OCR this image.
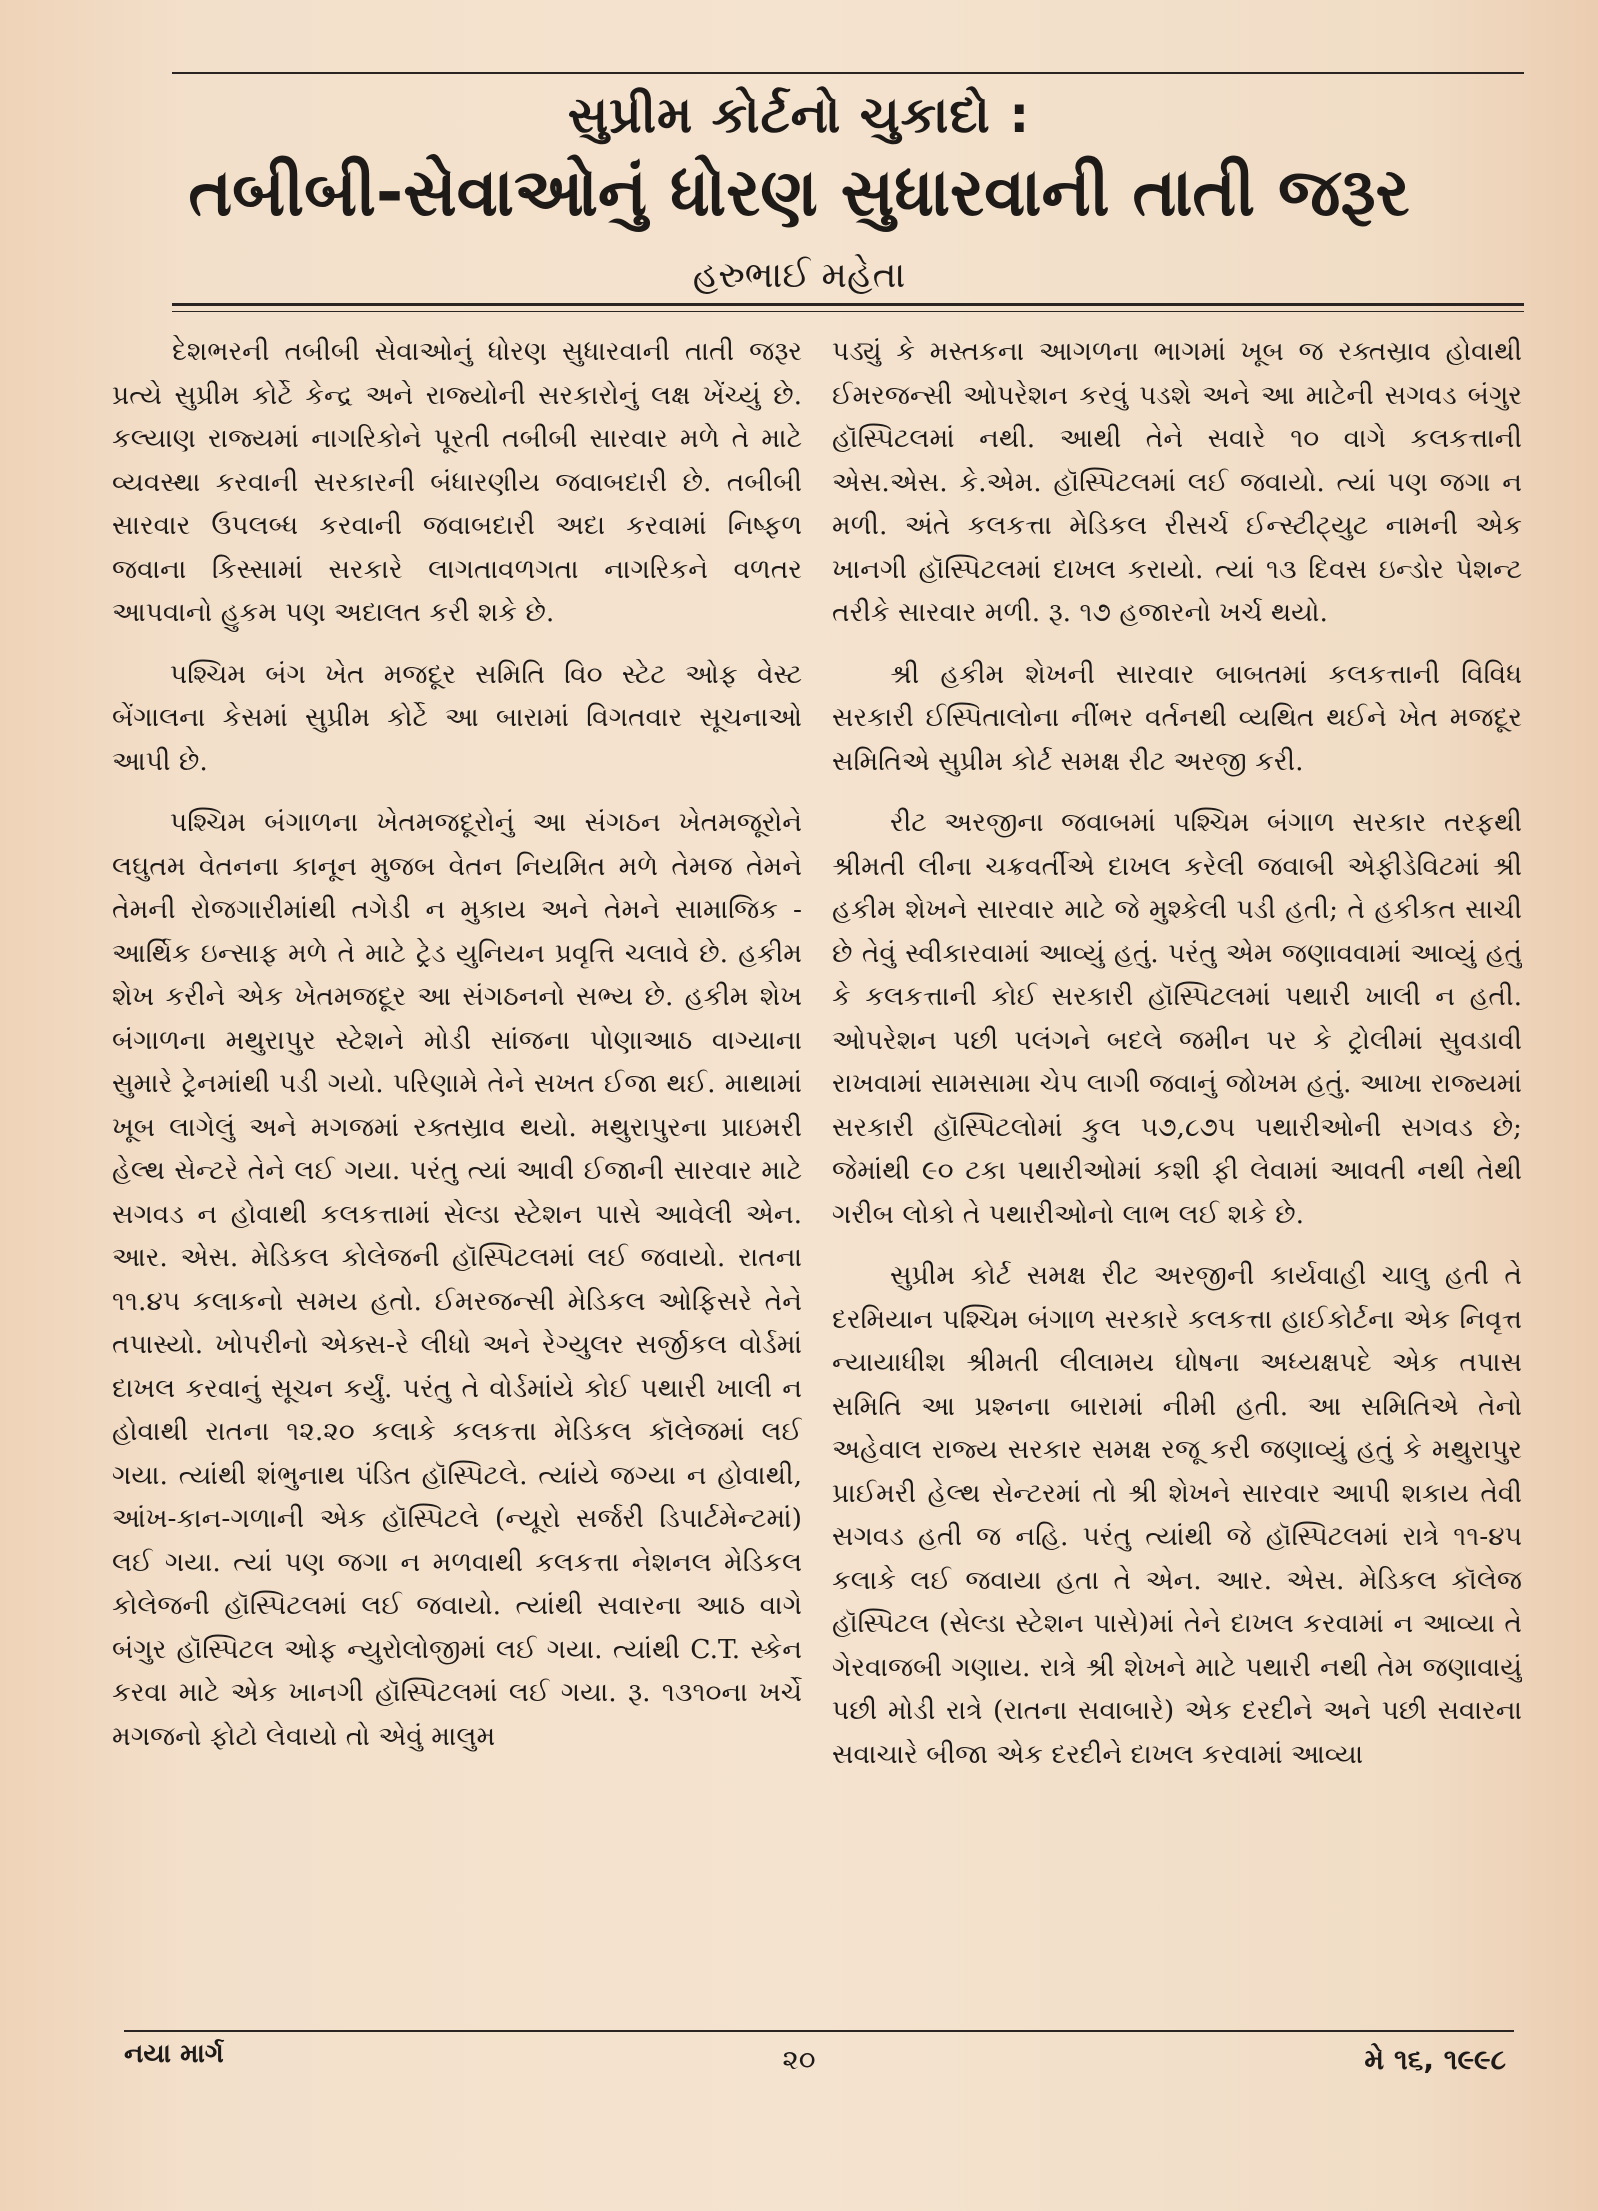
સુપ્રીમ કોર્ટનો ચુકાદો :
તબીબી-સેવાઓનું ધોરણ સુધારવાની તાતી જરૂર
હરુભાઈ મહેતા

દેશભરની તબીબી સેવાઓનું ધોરણ સુધારવાની તાતી જરૂર પ્રત્યે સુપ્રીમ કોર્ટે કેન્દ્ર અને રાજ્યોની સરકારોનું લક્ષ ખેંચ્યું છે. કલ્યાણ રાજ્યમાં નાગરિકોને પૂરતી તબીબી સારવાર મળે તે માટે વ્યવસ્થા કરવાની સરકારની બંધારણીય જવાબદારી છે. તબીબી સારવાર ઉપલબ્ધ કરવાની જવાબદારી અદા કરવામાં નિષ્ફળ જવાના કિસ્સામાં સરકારે લાગતાવળગતા નાગરિકને વળતર આપવાનો હુકમ પણ અદાલત કરી શકે છે.

પશ્ચિમ બંગ ખેત મજદૂર સમિતિ વિ૦ સ્ટેટ ઓફ વેસ્ટ બેંગાલના કેસમાં સુપ્રીમ કોર્ટે આ બારામાં વિગતવાર સૂચનાઓ આપી છે.

પશ્ચિમ બંગાળના ખેતમજદૂરોનું આ સંગઠન ખેતમજૂરોને લઘુતમ વેતનના કાનૂન મુજબ વેતન નિયમિત મળે તેમજ તેમને તેમની રોજગારીમાંથી તગેડી ન મુકાય અને તેમને સામાજિક - આર્થિક ઇન્સાફ મળે તે માટે ટ્રેડ યુનિયન પ્રવૃત્તિ ચલાવે છે. હકીમ શેખ કરીને એક ખેતમજદૂર આ સંગઠનનો સભ્ય છે. હકીમ શેખ બંગાળના મથુરાપુર સ્ટેશને મોડી સાંજના પોણાઆઠ વાગ્યાના સુમારે ટ્રેનમાંથી પડી ગયો. પરિણામે તેને સખત ઈજા થઈ. માથામાં ખૂબ લાગેલું અને મગજમાં રક્તસ્રાવ થયો. મથુરાપુરના પ્રાઇમરી હેલ્થ સેન્ટરે તેને લઈ ગયા. પરંતુ ત્યાં આવી ઈજાની સારવાર માટે સગવડ ન હોવાથી કલકત્તામાં સેલ્ડા સ્ટેશન પાસે આવેલી એન. આર. એસ. મેડિકલ કોલેજની હૉસ્પિટલમાં લઈ જવાયો. રાતના ૧૧.૪૫ કલાકનો સમય હતો. ઈમરજન્સી મેડિકલ ઓફિસરે તેને તપાસ્યો. ખોપરીનો એક્સ-રે લીધો અને રેગ્યુલર સર્જીકલ વોર્ડમાં દાખલ કરવાનું સૂચન કર્યું. પરંતુ તે વોર્ડમાંયે કોઈ પથારી ખાલી ન હોવાથી રાતના ૧૨.૨૦ કલાકે કલકત્તા મેડિકલ કૉલેજમાં લઈ ગયા. ત્યાંથી શંભુનાથ પંડિત હૉસ્પિટલે. ત્યાંયે જગ્યા ન હોવાથી, આંખ-કાન-ગળાની એક હૉસ્પિટલે (ન્યૂરો સર્જરી ડિપાર્ટમેન્ટમાં) લઈ ગયા. ત્યાં પણ જગા ન મળવાથી કલકત્તા નેશનલ મેડિકલ કોલેજની હૉસ્પિટલમાં લઈ જવાયો. ત્યાંથી સવારના આઠ વાગે બંગુર હૉસ્પિટલ ઓફ ન્યુરોલોજીમાં લઈ ગયા. ત્યાંથી C.T. સ્કેન કરવા માટે એક ખાનગી હૉસ્પિટલમાં લઈ ગયા. રૂ. ૧૩૧૦ના ખર્ચે મગજનો ફોટો લેવાયો તો એવું માલુમ

પડ્યું કે મસ્તકના આગળના ભાગમાં ખૂબ જ રક્તસ્રાવ હોવાથી ઈમરજન્સી ઓપરેશન કરવું પડશે અને આ માટેની સગવડ બંગુર હૉસ્પિટલમાં નથી. આથી તેને સવારે ૧૦ વાગે કલકત્તાની એસ.એસ. કે.એમ. હૉસ્પિટલમાં લઈ જવાયો. ત્યાં પણ જગા ન મળી. અંતે કલકત્તા મેડિકલ રીસર્ચ ઈન્સ્ટીટ્યુટ નામની એક ખાનગી હૉસ્પિટલમાં દાખલ કરાયો. ત્યાં ૧૩ દિવસ ઇન્ડોર પેશન્ટ તરીકે સારવાર મળી. રૂ. ૧૭ હજારનો ખર્ચ થયો.

શ્રી હકીમ શેખની સારવાર બાબતમાં કલકત્તાની વિવિધ સરકારી ઈસ્પિતાલોના નીંભર વર્તનથી વ્યથિત થઈને ખેત મજદૂર સમિતિએ સુપ્રીમ કોર્ટ સમક્ષ રીટ અરજી કરી.

રીટ અરજીના જવાબમાં પશ્ચિમ બંગાળ સરકાર તરફથી શ્રીમતી લીના ચક્રવર્તીએ દાખલ કરેલી જવાબી એફીડેવિટમાં શ્રી હકીમ શેખને સારવાર માટે જે મુશ્કેલી પડી હતી; તે હકીકત સાચી છે તેવું સ્વીકારવામાં આવ્યું હતું. પરંતુ એમ જણાવવામાં આવ્યું હતું કે કલકત્તાની કોઈ સરકારી હૉસ્પિટલમાં પથારી ખાલી ન હતી. ઓપરેશન પછી પલંગને બદલે જમીન પર કે ટ્રોલીમાં સુવડાવી રાખવામાં સામસામા ચેપ લાગી જવાનું જોખમ હતું. આખા રાજ્યમાં સરકારી હૉસ્પિટલોમાં કુલ ૫૭,૮૭૫ પથારીઓની સગવડ છે; જેમાંથી ૯૦ ટકા પથારીઓમાં કશી ફી લેવામાં આવતી નથી તેથી ગરીબ લોકો તે પથારીઓનો લાભ લઈ શકે છે.

સુપ્રીમ કોર્ટ સમક્ષ રીટ અરજીની કાર્યવાહી ચાલુ હતી તે દરમિયાન પશ્ચિમ બંગાળ સરકારે કલકત્તા હાઈકોર્ટના એક નિવૃત્ત ન્યાયાધીશ શ્રીમતી લીલામય ઘોષના અધ્યક્ષપદે એક તપાસ સમિતિ આ પ્રશ્નના બારામાં નીમી હતી. આ સમિતિએ તેનો અહેવાલ રાજ્ય સરકાર સમક્ષ રજૂ કરી જણાવ્યું હતું કે મથુરાપુર પ્રાઈમરી હેલ્થ સેન્ટરમાં તો શ્રી શેખને સારવાર આપી શકાય તેવી સગવડ હતી જ નહિ. પરંતુ ત્યાંથી જે હૉસ્પિટલમાં રાત્રે ૧૧-૪૫ કલાકે લઈ જવાયા હતા તે એન. આર. એસ. મેડિકલ કૉલેજ હૉસ્પિટલ (સેલ્ડા સ્ટેશન પાસે)માં તેને દાખલ કરવામાં ન આવ્યા તે ગેરવાજબી ગણાય. રાત્રે શ્રી શેખને માટે પથારી નથી તેમ જણાવાયું પછી મોડી રાત્રે (રાતના સવાબારે) એક દરદીને અને પછી સવારના સવાચારે બીજા એક દરદીને દાખલ કરવામાં આવ્યા

નયા માર્ગ	૨૦	મે ૧૬, ૧૯૯૮
